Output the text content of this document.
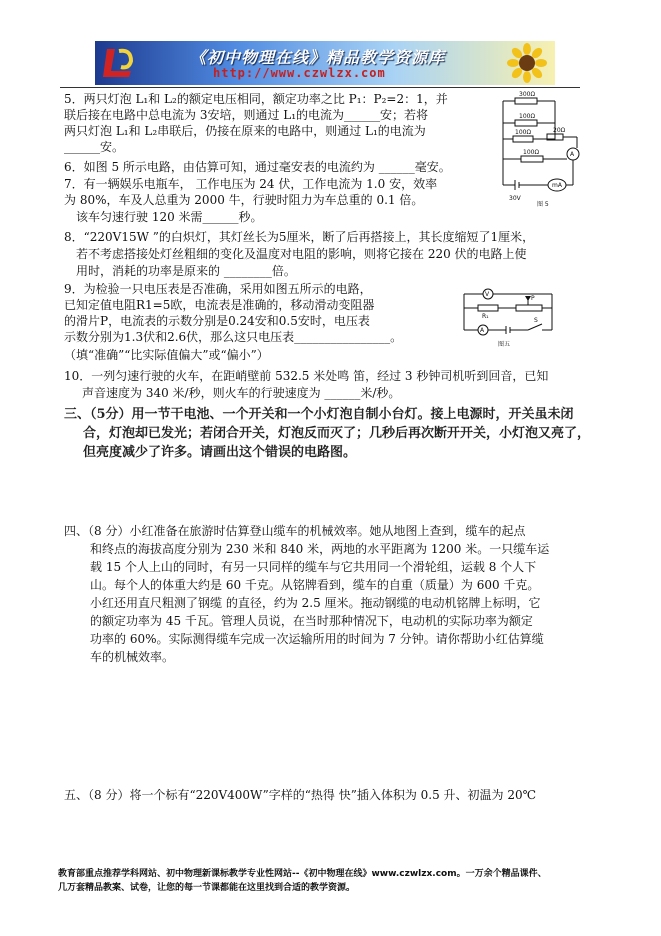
《初中物理在线》精品教学资源库
http://www.czwlzx.com
5．两只灯泡 L₁和 L₂的额定电压相同，额定功率之比 P₁：P₂=2：1，并
联后接在电路中总电流为 3安培，则通过 L₁的电流为______安；若将
两只灯泡 L₁和 L₂串联后，仍接在原来的电路中，则通过 L₁的电流为
______安。
6．如图 5 所示电路，由估算可知，通过毫安表的电流约为 ______毫安。
7．有一辆娱乐电瓶车， 工作电压为 24 伏，工作电流为 1.0 安，效率
为 80%，车及人总重为 2000 牛，行驶时阻力为车总重的 0.1 倍。
该车匀速行驶 120 米需______秒。
300Ω
100Ω
100Ω	20Ω
100Ω	A
mA
30V
图 5
8．“220V15W ”的白炽灯，其灯丝长为5厘米，断了后再搭接上，其长度缩短了1厘米，
若不考虑搭接处灯丝粗细的变化及温度对电阻的影响，则将它接在 220 伏的电路上使
用时，消耗的功率是原来的 ________倍。
9．为检验一只电压表是否准确，采用如图五所示的电路，
已知定值电阻R1=5欧，电流表是准确的，移动滑动变阻器
的滑片P，电流表的示数分别是0.24安和0.5安时，电压表
示数分别为1.3伏和2.6伏，那么这只电压表________________。
（填“准确”“比实际值偏大”或“偏小”）
V
A
R₁
P
S
图五
10．一列匀速行驶的火车，在距峭壁前 532.5 米处鸣 笛，经过 3 秒钟司机听到回音，已知
声音速度为 340 米/秒，则火车的行驶速度为 ______米/秒。
三、（5分）用一节干电池、一个开关和一个小灯泡自制小台灯。接上电源时，开关虽未闭
合，灯泡却已发光；若闭合开关，灯泡反而灭了；几秒后再次断开开关，小灯泡又亮了，
但亮度减少了许多。请画出这个错误的电路图。
四、（8 分）小红准备在旅游时估算登山缆车的机械效率。她从地图上查到，缆车的起点
和终点的海拔高度分别为 230 米和 840 米，两地的水平距离为 1200 米。一只缆车运
载 15 个人上山的同时，有另一只同样的缆车与它共用同一个滑轮组，运载 8 个人下
山。每个人的体重大约是 60 千克。从铭牌看到，缆车的自重（质量）为 600 千克。
小红还用直尺粗测了钢缆 的直径，约为 2.5 厘米。拖动钢缆的电动机铭牌上标明，它
的额定功率为 45 千瓦。管理人员说，在当时那种情况下，电动机的实际功率为额定
功率的 60%。实际测得缆车完成一次运输所用的时间为 7 分钟。请你帮助小红估算缆
车的机械效率。
五、（8 分）将一个标有“220V400W”字样的“热得 快”插入体积为 0.5 升、初温为 20℃
教育部重点推荐学科网站、初中物理新课标教学专业性网站--《初中物理在线》www.czwlzx.com。一万余个精品课件、
几万套精品教案、试卷，让您的每一节课都能在这里找到合适的教学资源。
